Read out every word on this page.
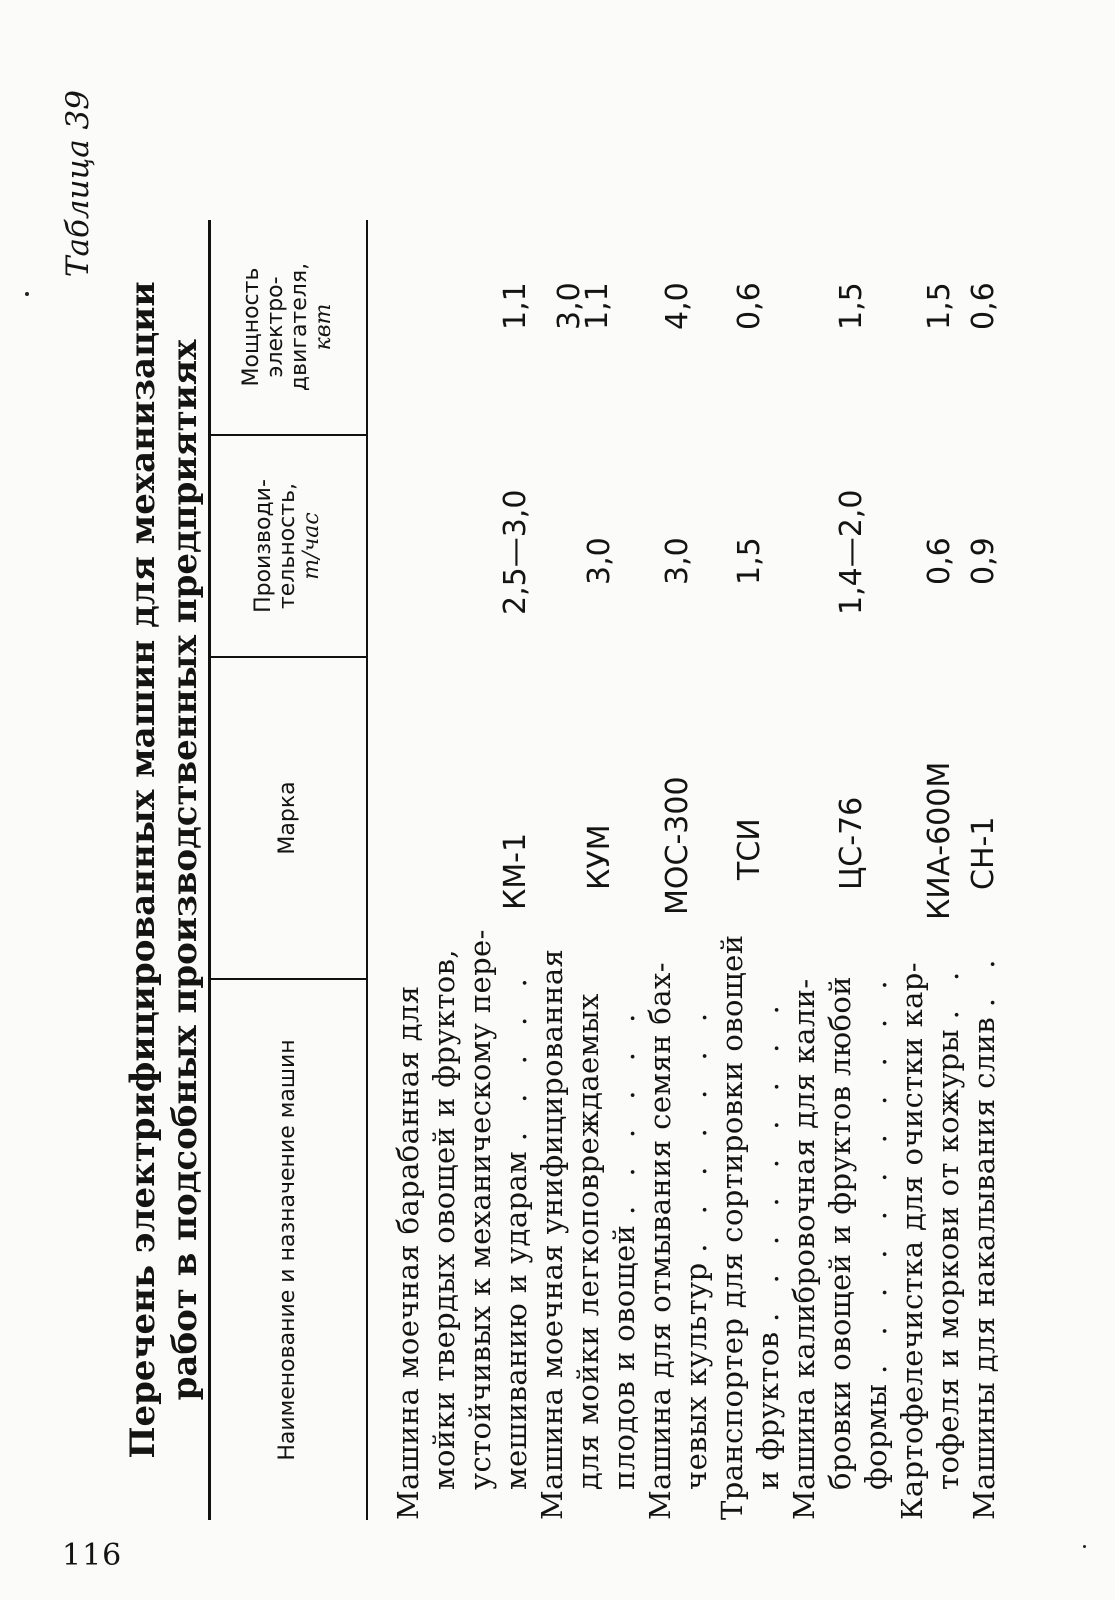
116
Таблица 39
Перечень электрифицированных машин для механизации работ в подсобных производственных предприятиях	Наименование и назначение машин
Марка
Производи- тельность, т/час
Мощность электро- двигателя, квт
Машина моечная барабанная для мойки твердых овощей и фруктов, устойчивых к механическому пере- мешиванию и ударам . . . . .
КМ-1
2,5—3,0
1,1
Машина моечная унифицированная для мойки легкоповреждаемых плодов и овощей . . . . . .
КУМ
3,0
3,0
1,1
Машина для отмывания семян бах- чевых культур . . . . . . .
МОС-300
3,0
4,0
Транспортер для сортировки овощей и фруктов . . . . . . . . .
ТСИ
1,5
0,6
Машина калибровочная для кали- бровки овощей и фруктов любой формы . . . . . . . . . . .
ЦС-76
1,4—2,0
1,5
Картофелечистка для очистки кар- тофеля и моркови от кожуры . .
КИА-600М
0,6
1,5
Машины для накалывания слив . .
СН-1
0,9
0,6
